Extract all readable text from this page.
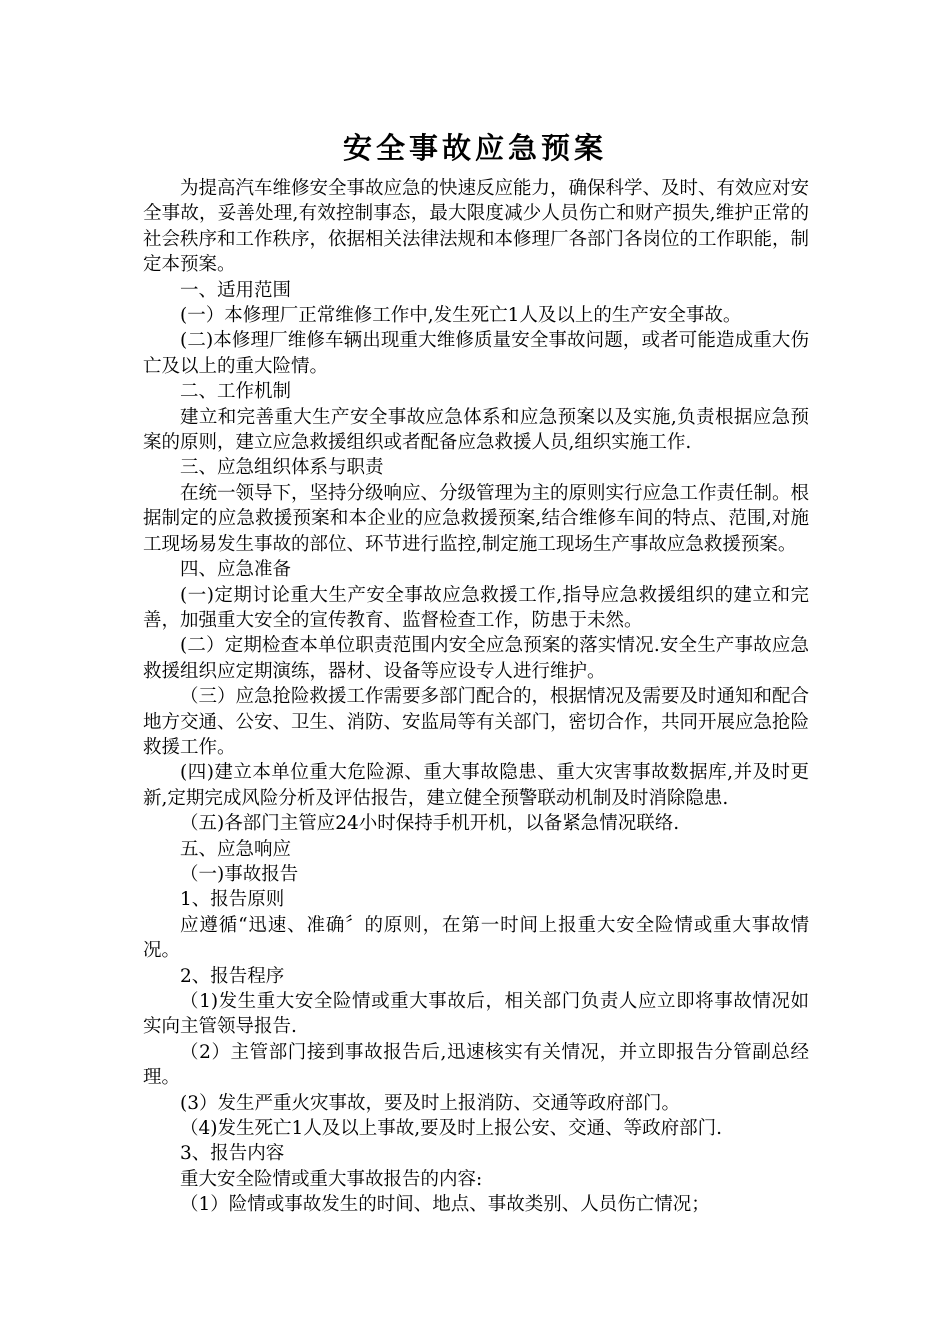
安全事故应急预案

为提高汽车维修安全事故应急的快速反应能力，确保科学、及时、有效应对安全事故，妥善处理,有效控制事态，最大限度减少人员伤亡和财产损失,维护正常的社会秩序和工作秩序，依据相关法律法规和本修理厂各部门各岗位的工作职能，制定本预案。

一、适用范围

(一）本修理厂正常维修工作中,发生死亡1人及以上的生产安全事故。

(二)本修理厂维修车辆出现重大维修质量安全事故问题，或者可能造成重大伤亡及以上的重大险情。

二、工作机制

建立和完善重大生产安全事故应急体系和应急预案以及实施,负责根据应急预案的原则，建立应急救援组织或者配备应急救援人员,组织实施工作.

三、应急组织体系与职责

在统一领导下，坚持分级响应、分级管理为主的原则实行应急工作责任制。根据制定的应急救援预案和本企业的应急救援预案,结合维修车间的特点、范围,对施工现场易发生事故的部位、环节进行监控,制定施工现场生产事故应急救援预案。

四、应急准备

(一)定期讨论重大生产安全事故应急救援工作,指导应急救援组织的建立和完善，加强重大安全的宣传教育、监督检查工作，防患于未然。

(二）定期检查本单位职责范围内安全应急预案的落实情况.安全生产事故应急救援组织应定期演练，器材、设备等应设专人进行维护。

（三）应急抢险救援工作需要多部门配合的，根据情况及需要及时通知和配合地方交通、公安、卫生、消防、安监局等有关部门，密切合作，共同开展应急抢险救援工作。

(四)建立本单位重大危险源、重大事故隐患、重大灾害事故数据库,并及时更新,定期完成风险分析及评估报告，建立健全预警联动机制及时消除隐患.

（五)各部门主管应24小时保持手机开机，以备紧急情况联络.

五、应急响应

（一)事故报告

1、报告原则

应遵循“迅速、准确〞的原则，在第一时间上报重大安全险情或重大事故情况。

2、报告程序

（1)发生重大安全险情或重大事故后，相关部门负责人应立即将事故情况如实向主管领导报告.

（2）主管部门接到事故报告后,迅速核实有关情况，并立即报告分管副总经理。

(3）发生严重火灾事故，要及时上报消防、交通等政府部门。

（4)发生死亡1人及以上事故,要及时上报公安、交通、等政府部门.

3、报告内容

重大安全险情或重大事故报告的内容:

（1）险情或事故发生的时间、地点、事故类别、人员伤亡情况；
